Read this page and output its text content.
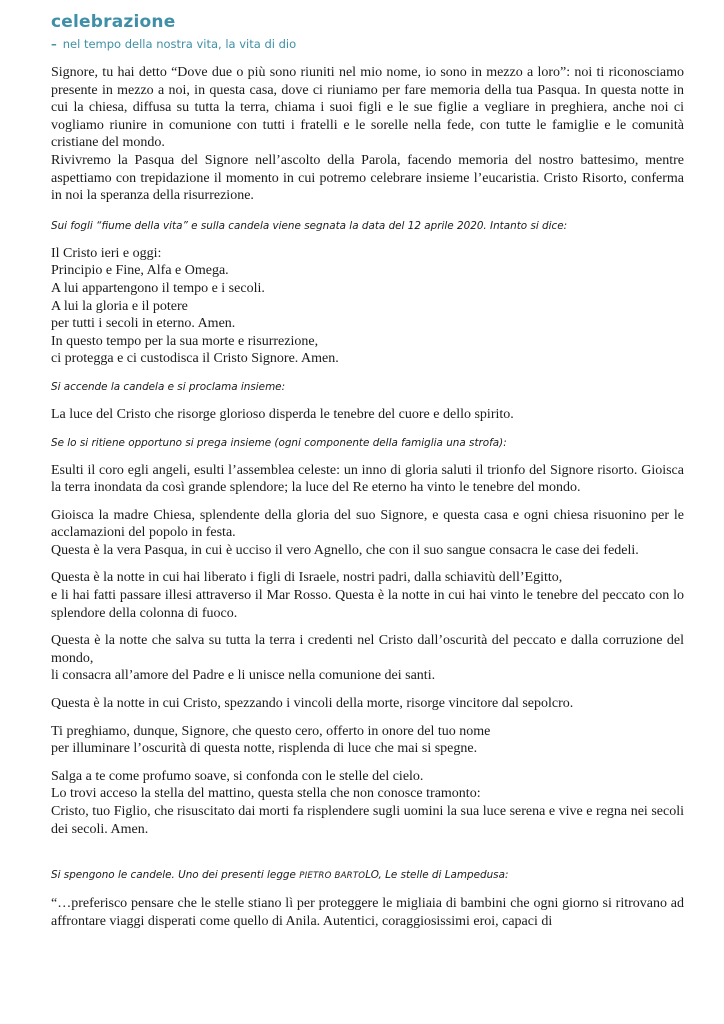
celebrazione

– nel tempo della nostra vita, la vita di dio

Signore, tu hai detto “Dove due o più sono riuniti nel mio nome, io sono in mezzo a loro”: noi ti riconosciamo presente in mezzo a noi, in questa casa, dove ci riuniamo per fare memoria della tua Pasqua. In questa notte in cui la chiesa, diffusa su tutta la terra, chiama i suoi figli e le sue figlie a vegliare in preghiera, anche noi ci vogliamo riunire in comunione con tutti i fratelli e le sorelle nella fede, con tutte le famiglie e le comunità cristiane del mondo.

Rivivremo la Pasqua del Signore nell’ascolto della Parola, facendo memoria del nostro battesimo, mentre aspettiamo con trepidazione il momento in cui potremo celebrare insieme l’eucaristia. Cristo Risorto, conferma in noi la speranza della risurrezione.

Sui fogli “fiume della vita” e sulla candela viene segnata la data del 12 aprile 2020. Intanto si dice:

Il Cristo ieri e oggi:
Principio e Fine, Alfa e Omega.
A lui appartengono il tempo e i secoli.
A lui la gloria e il potere
per tutti i secoli in eterno. Amen.
In questo tempo per la sua morte e risurrezione,
ci protegga e ci custodisca il Cristo Signore. Amen.

Si accende la candela e si proclama insieme:

La luce del Cristo che risorge glorioso disperda le tenebre del cuore e dello spirito.

Se lo si ritiene opportuno si prega insieme (ogni componente della famiglia una strofa):

Esulti il coro egli angeli, esulti l’assemblea celeste: un inno di gloria saluti il trionfo del Signore risorto. Gioisca la terra inondata da così grande splendore; la luce del Re eterno ha vinto le tenebre del mondo.

Gioisca la madre Chiesa, splendente della gloria del suo Signore, e questa casa e ogni chiesa risuonino per le acclamazioni del popolo in festa.

Questa è la vera Pasqua, in cui è ucciso il vero Agnello, che con il suo sangue consacra le case dei fedeli.

Questa è la notte in cui hai liberato i figli di Israele, nostri padri, dalla schiavitù dell’Egitto,

e li hai fatti passare illesi attraverso il Mar Rosso. Questa è la notte in cui hai vinto le tenebre del peccato con lo splendore della colonna di fuoco.

Questa è la notte che salva su tutta la terra i credenti nel Cristo dall’oscurità del peccato e dalla corruzione del mondo,

li consacra all’amore del Padre e li unisce nella comunione dei santi.

Questa è la notte in cui Cristo, spezzando i vincoli della morte, risorge vincitore dal sepolcro.

Ti preghiamo, dunque, Signore, che questo cero, offerto in onore del tuo nome

per illuminare l’oscurità di questa notte, risplenda di luce che mai si spegne.

Salga a te come profumo soave, si confonda con le stelle del cielo.

Lo trovi acceso la stella del mattino, questa stella che non conosce tramonto:

Cristo, tuo Figlio, che risuscitato dai morti fa risplendere sugli uomini la sua luce serena e vive e regna nei secoli dei secoli. Amen.

Si spengono le candele. Uno dei presenti legge PIETRO BARTOLO, Le stelle di Lampedusa:

“…preferisco pensare che le stelle stiano lì per proteggere le migliaia di bambini che ogni giorno si ritrovano ad affrontare viaggi disperati come quello di Anila. Autentici, coraggiosissimi eroi, capaci di
